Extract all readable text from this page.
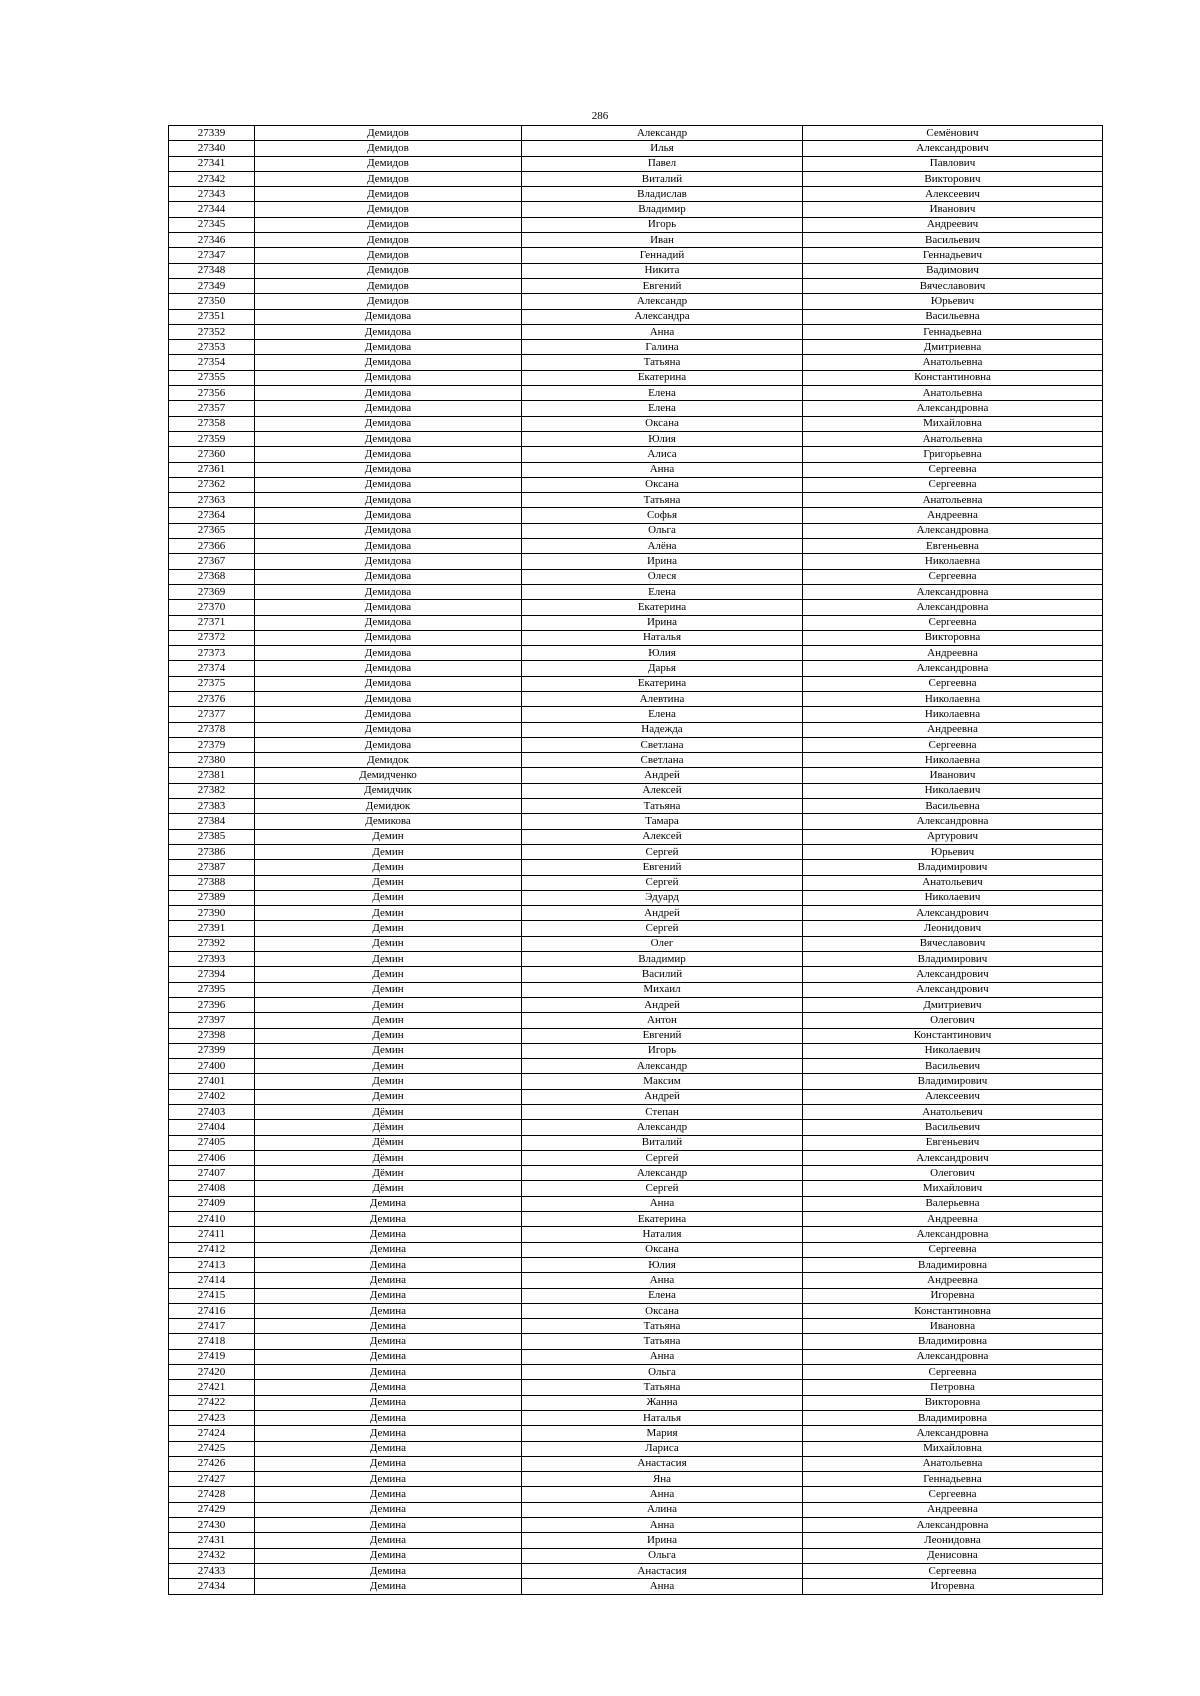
286
27339	Демидов	Александр	Семёнович
27340	Демидов	Илья	Александрович
27341	Демидов	Павел	Павлович
27342	Демидов	Виталий	Викторович
27343	Демидов	Владислав	Алексеевич
27344	Демидов	Владимир	Иванович
27345	Демидов	Игорь	Андреевич
27346	Демидов	Иван	Васильевич
27347	Демидов	Геннадий	Геннадьевич
27348	Демидов	Никита	Вадимович
27349	Демидов	Евгений	Вячеславович
27350	Демидов	Александр	Юрьевич
27351	Демидова	Александра	Васильевна
27352	Демидова	Анна	Геннадьевна
27353	Демидова	Галина	Дмитриевна
27354	Демидова	Татьяна	Анатольевна
27355	Демидова	Екатерина	Константиновна
27356	Демидова	Елена	Анатольевна
27357	Демидова	Елена	Александровна
27358	Демидова	Оксана	Михайловна
27359	Демидова	Юлия	Анатольевна
27360	Демидова	Алиса	Григорьевна
27361	Демидова	Анна	Сергеевна
27362	Демидова	Оксана	Сергеевна
27363	Демидова	Татьяна	Анатольевна
27364	Демидова	Софья	Андреевна
27365	Демидова	Ольга	Александровна
27366	Демидова	Алёна	Евгеньевна
27367	Демидова	Ирина	Николаевна
27368	Демидова	Олеся	Сергеевна
27369	Демидова	Елена	Александровна
27370	Демидова	Екатерина	Александровна
27371	Демидова	Ирина	Сергеевна
27372	Демидова	Наталья	Викторовна
27373	Демидова	Юлия	Андреевна
27374	Демидова	Дарья	Александровна
27375	Демидова	Екатерина	Сергеевна
27376	Демидова	Алевтина	Николаевна
27377	Демидова	Елена	Николаевна
27378	Демидова	Надежда	Андреевна
27379	Демидова	Светлана	Сергеевна
27380	Демидок	Светлана	Николаевна
27381	Демидченко	Андрей	Иванович
27382	Демидчик	Алексей	Николаевич
27383	Демидюк	Татьяна	Васильевна
27384	Демикова	Тамара	Александровна
27385	Демин	Алексей	Артурович
27386	Демин	Сергей	Юрьевич
27387	Демин	Евгений	Владимирович
27388	Демин	Сергей	Анатольевич
27389	Демин	Эдуард	Николаевич
27390	Демин	Андрей	Александрович
27391	Демин	Сергей	Леонидович
27392	Демин	Олег	Вячеславович
27393	Демин	Владимир	Владимирович
27394	Демин	Василий	Александрович
27395	Демин	Михаил	Александрович
27396	Демин	Андрей	Дмитриевич
27397	Демин	Антон	Олегович
27398	Демин	Евгений	Константинович
27399	Демин	Игорь	Николаевич
27400	Демин	Александр	Васильевич
27401	Демин	Максим	Владимирович
27402	Демин	Андрей	Алексеевич
27403	Дёмин	Степан	Анатольевич
27404	Дёмин	Александр	Васильевич
27405	Дёмин	Виталий	Евгеньевич
27406	Дёмин	Сергей	Александрович
27407	Дёмин	Александр	Олегович
27408	Дёмин	Сергей	Михайлович
27409	Демина	Анна	Валерьевна
27410	Демина	Екатерина	Андреевна
27411	Демина	Наталия	Александровна
27412	Демина	Оксана	Сергеевна
27413	Демина	Юлия	Владимировна
27414	Демина	Анна	Андреевна
27415	Демина	Елена	Игоревна
27416	Демина	Оксана	Константиновна
27417	Демина	Татьяна	Ивановна
27418	Демина	Татьяна	Владимировна
27419	Демина	Анна	Александровна
27420	Демина	Ольга	Сергеевна
27421	Демина	Татьяна	Петровна
27422	Демина	Жанна	Викторовна
27423	Демина	Наталья	Владимировна
27424	Демина	Мария	Александровна
27425	Демина	Лариса	Михайловна
27426	Демина	Анастасия	Анатольевна
27427	Демина	Яна	Геннадьевна
27428	Демина	Анна	Сергеевна
27429	Демина	Алина	Андреевна
27430	Демина	Анна	Александровна
27431	Демина	Ирина	Леонидовна
27432	Демина	Ольга	Денисовна
27433	Демина	Анастасия	Сергеевна
27434	Демина	Анна	Игоревна
